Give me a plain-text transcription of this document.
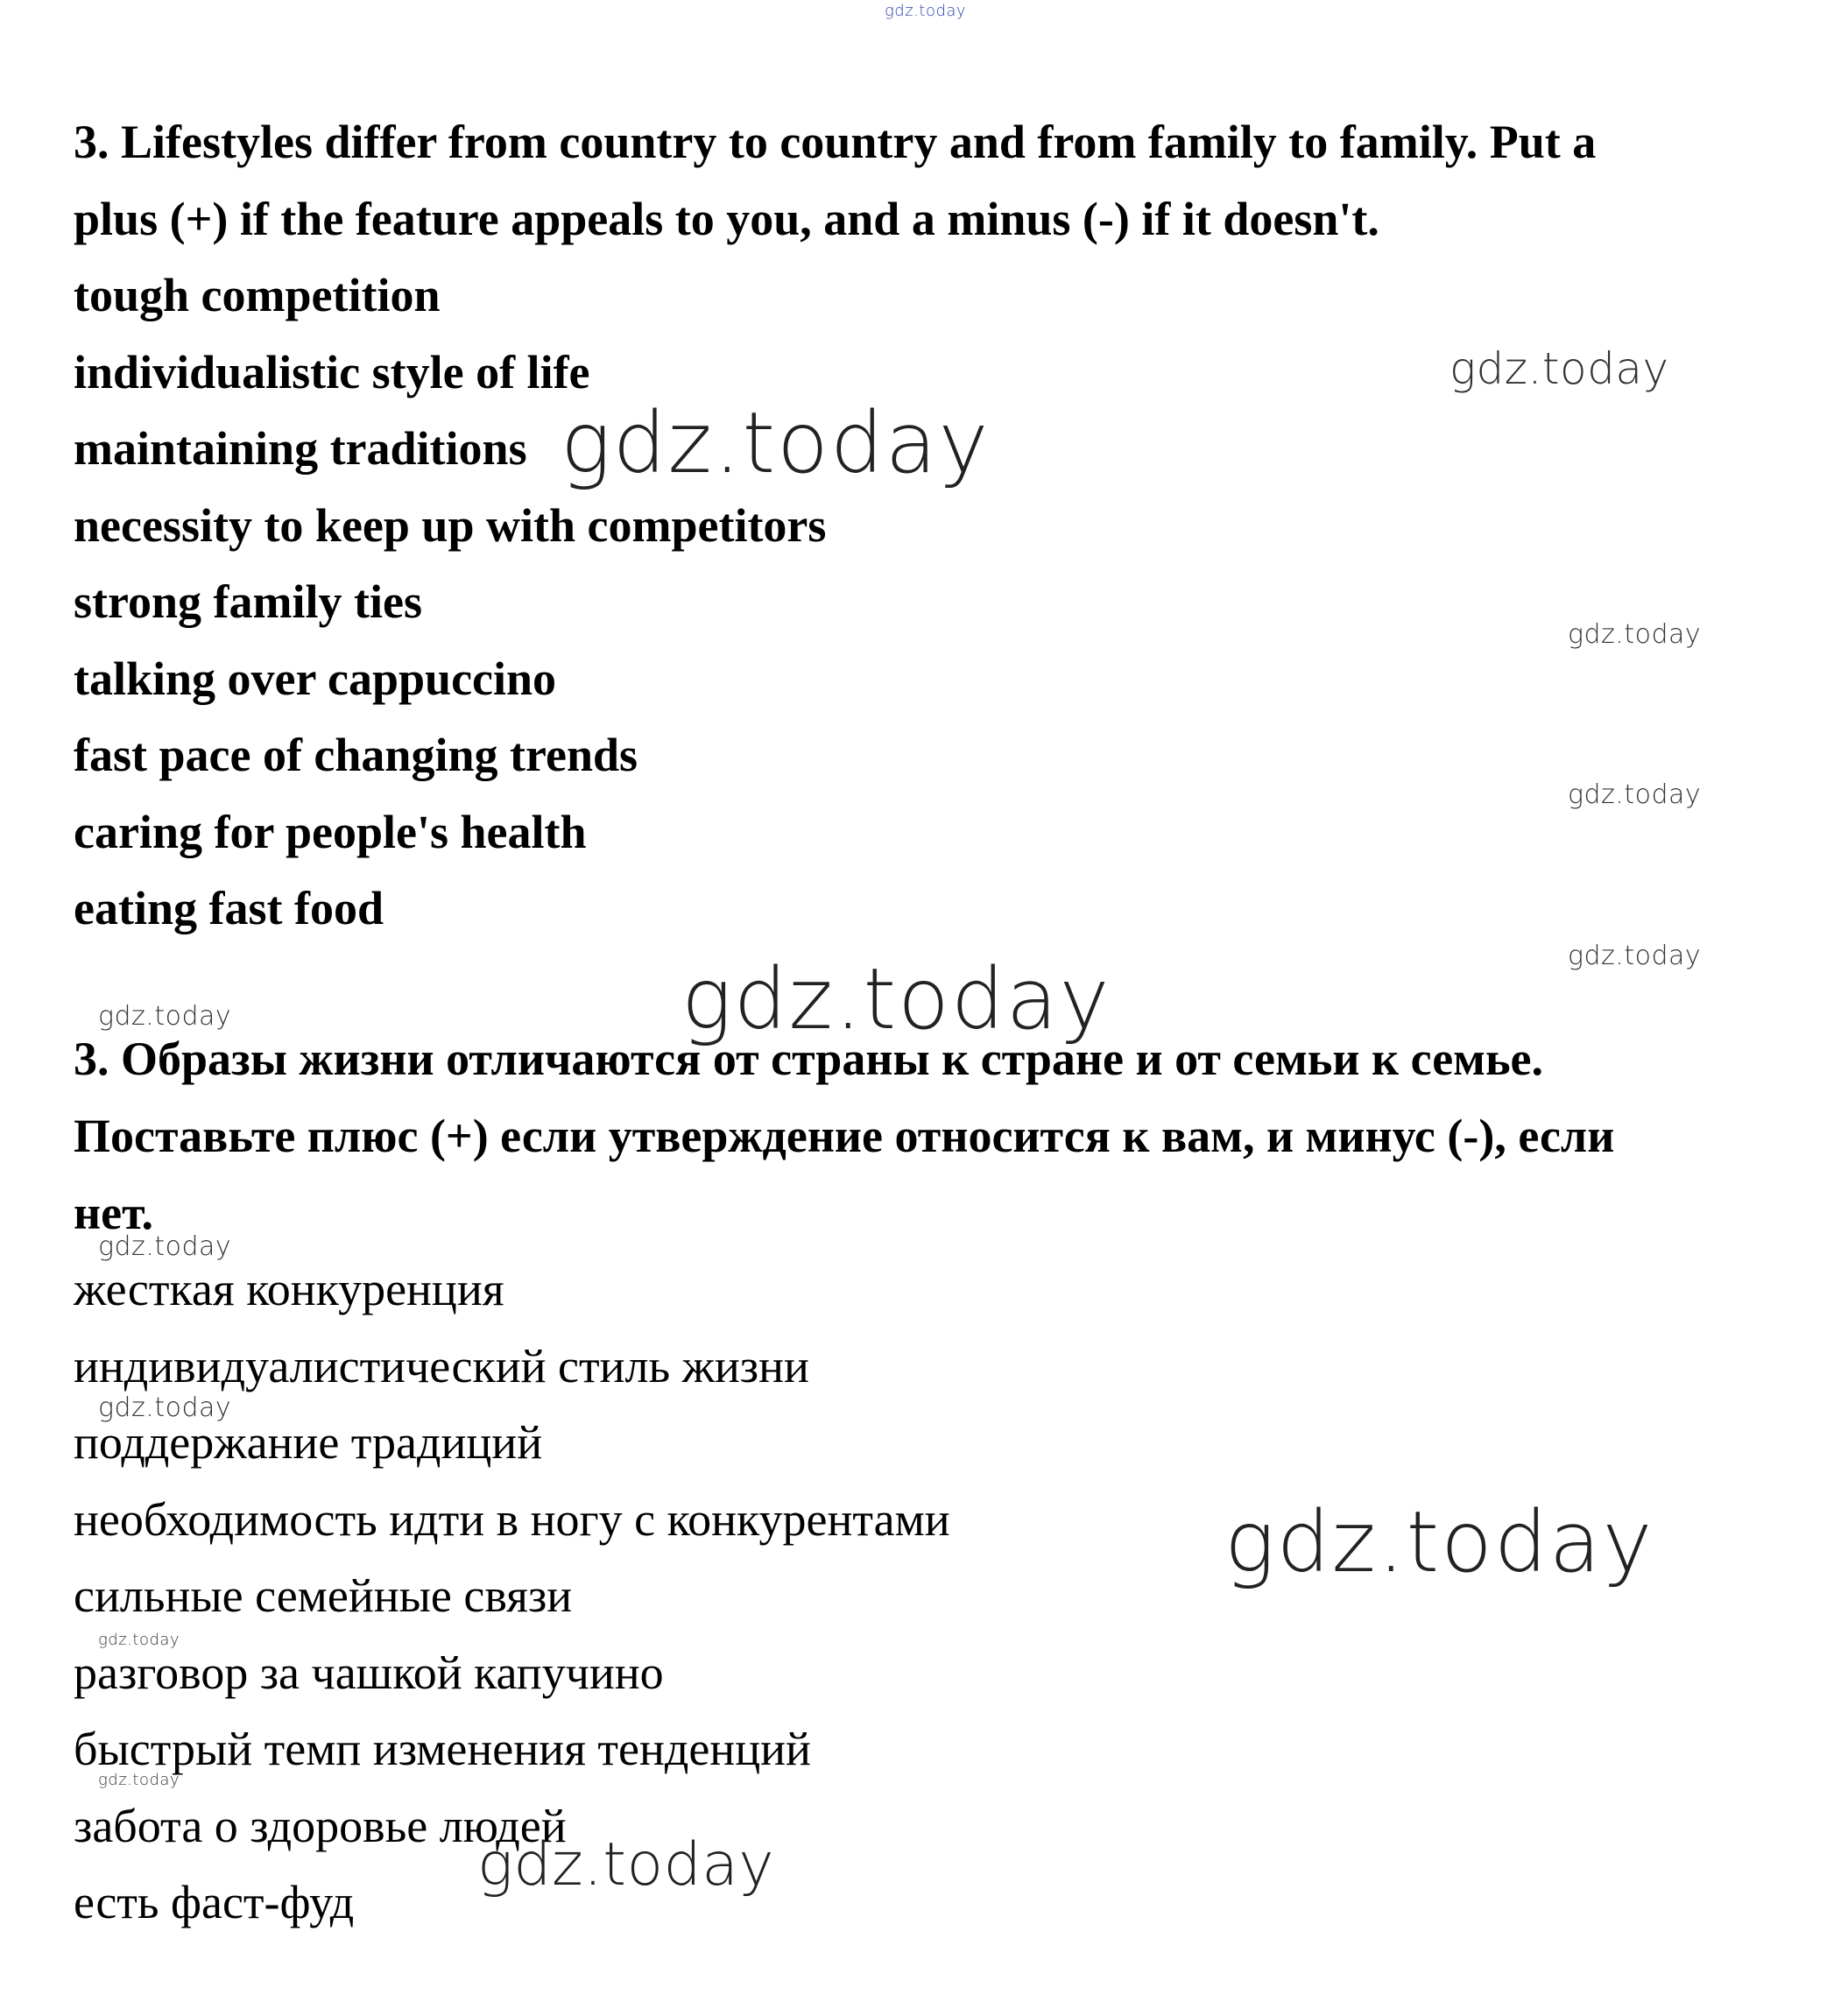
3. Lifestyles differ from country to country and from family to family. Put a

plus (+) if the feature appeals to you, and a minus (-) if it doesn't.

tough competition

individualistic style of life

maintaining traditions

necessity to keep up with competitors

strong family ties

talking over cappuccino

fast pace of changing trends

caring for people's health

eating fast food

3. Образы жизни отличаются от страны к стране и от семьи к семье.

Поставьте плюс (+) если утверждение относится к вам, и минус (-), если

нет.

жесткая конкуренция

индивидуалистический стиль жизни

поддержание традиций

необходимость идти в ногу с конкурентами

сильные семейные связи

разговор за чашкой капучино

быстрый темп изменения тенденций

забота о здоровье людей

есть фаст-фуд

gdz.today
gdz.today
gdz.today
gdz.today
gdz.today
gdz.today
gdz.today
gdz.today
gdz.today
gdz.today
gdz.today
gdz.today
gdz.today
gdz.today
